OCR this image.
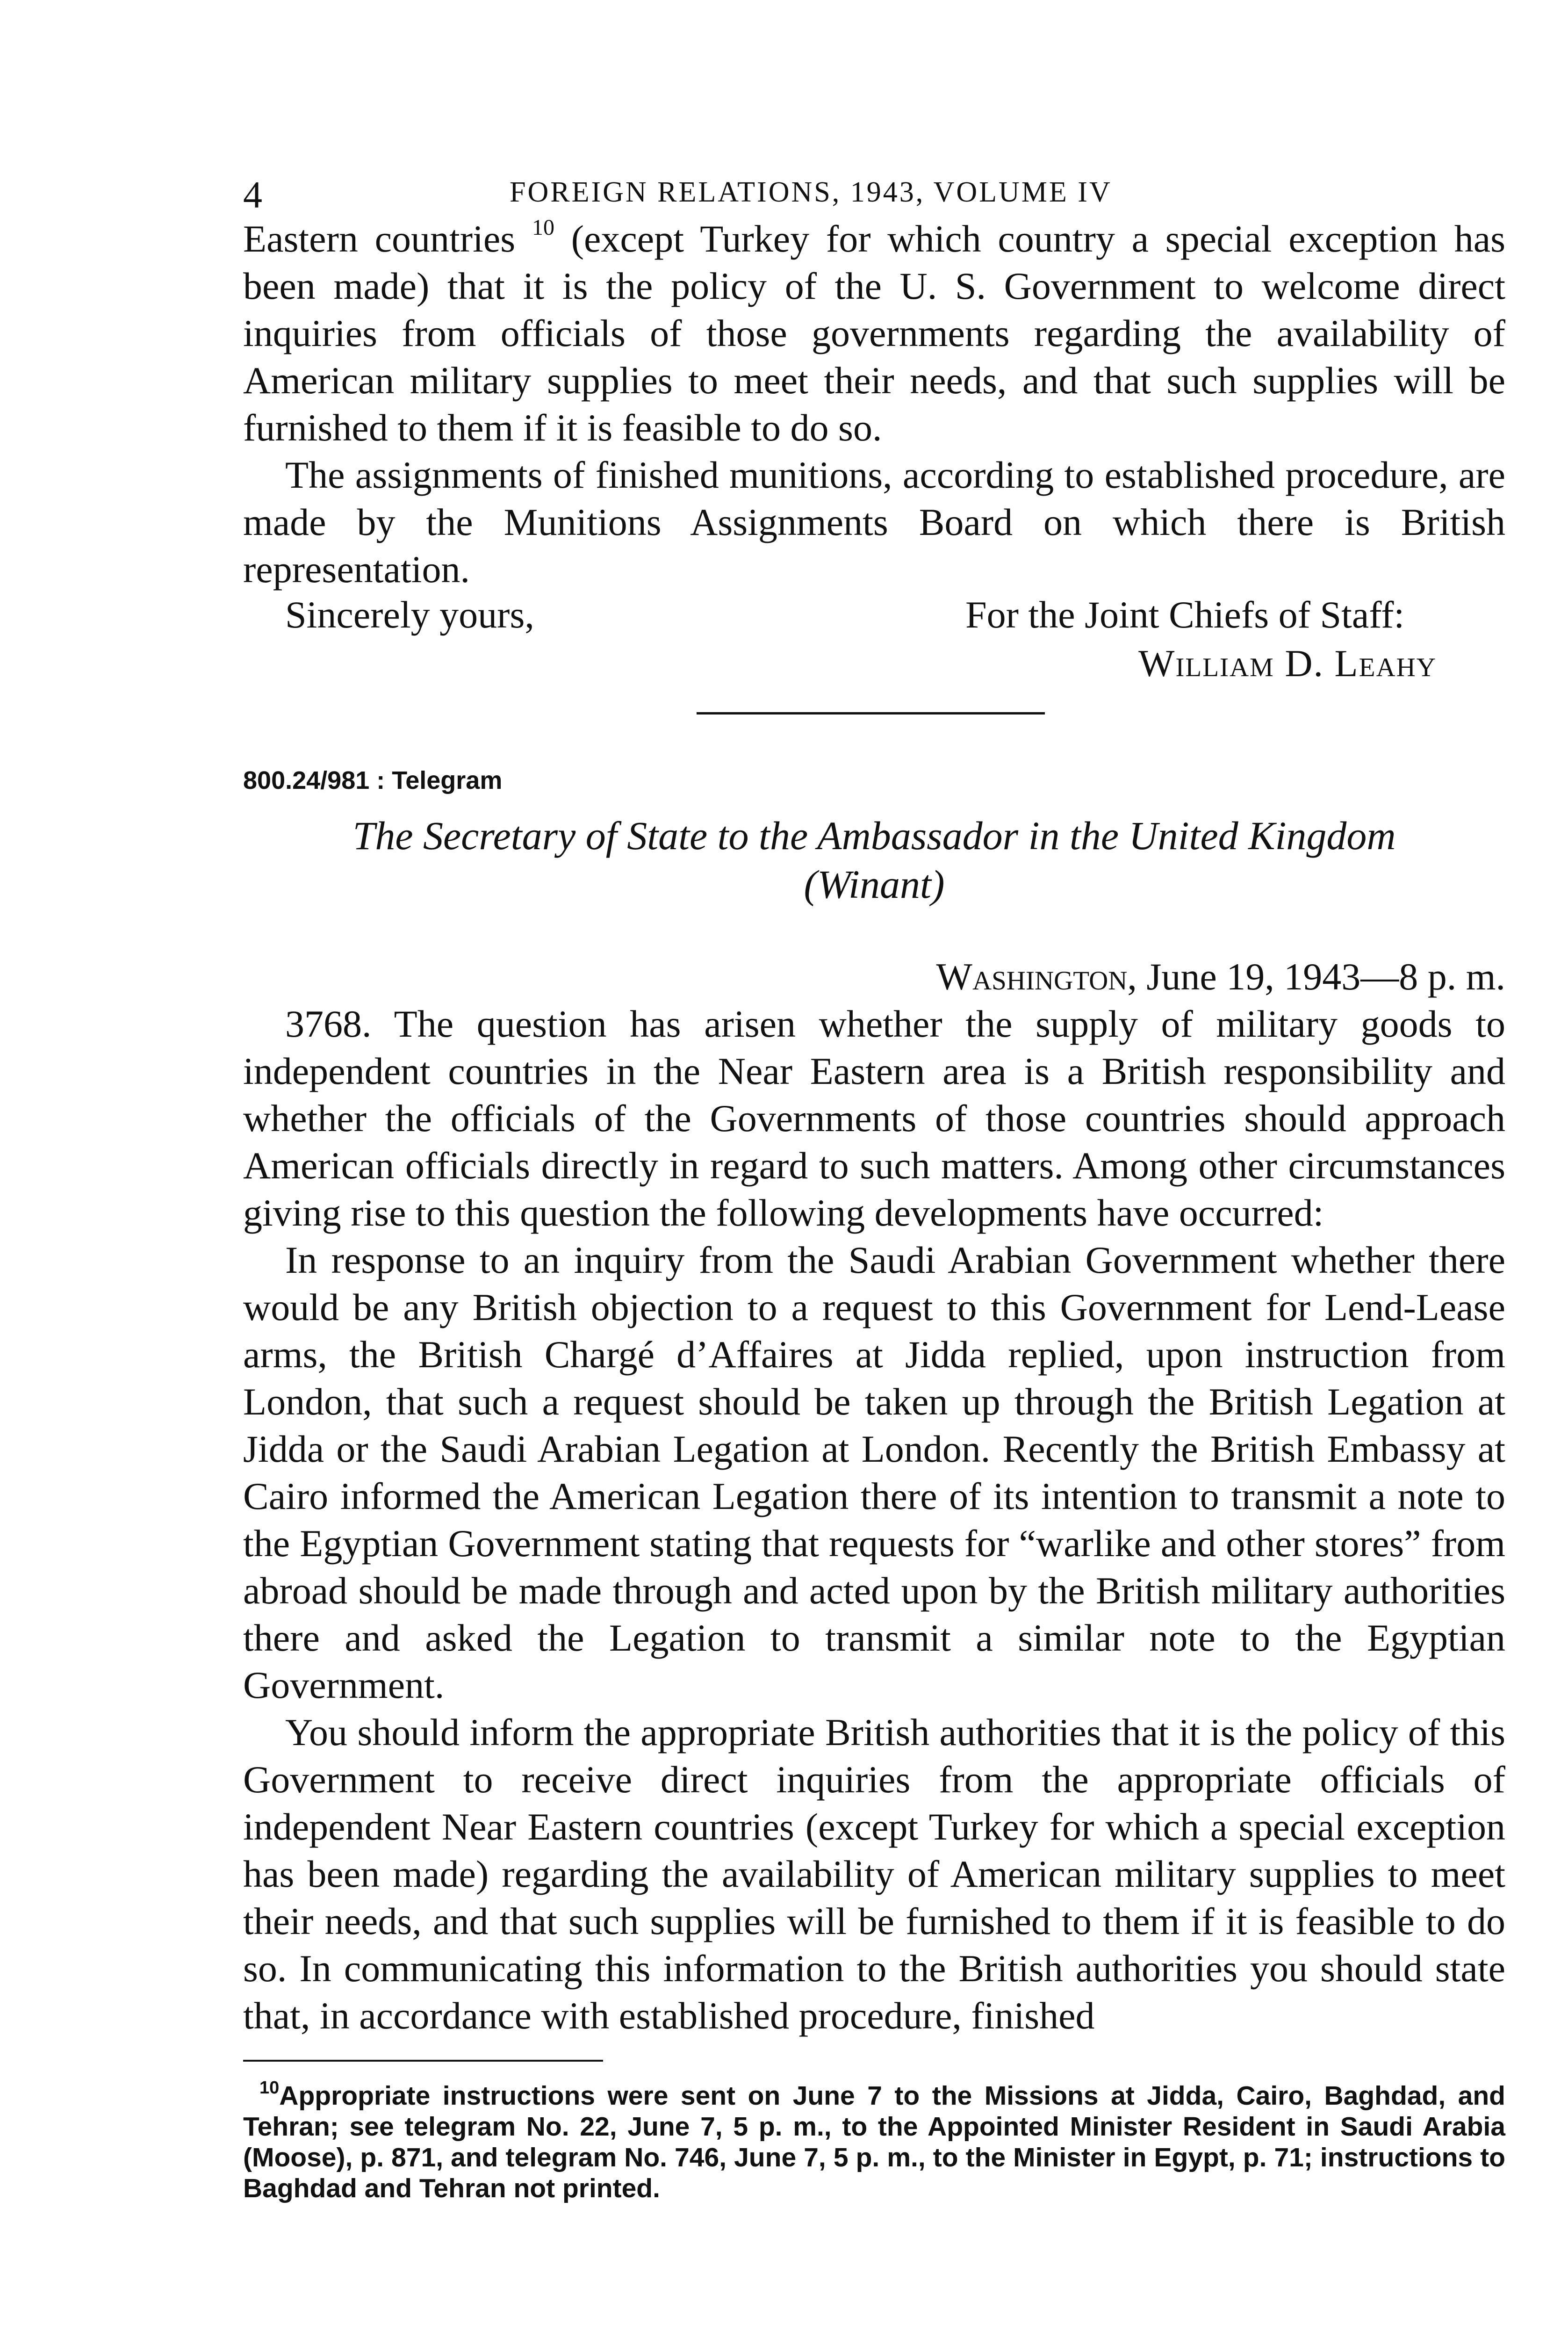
4	FOREIGN RELATIONS, 1943, VOLUME IV

Eastern countries $^{10}$ (except Turkey for which country a special exception has been made) that it is the policy of the U. S. Government to welcome direct inquiries from officials of those governments regarding the availability of American military supplies to meet their needs, and that such supplies will be furnished to them if it is feasible to do so.

The assignments of finished munitions, according to established procedure, are made by the Munitions Assignments Board on which there is British representation.

Sincerely yours,	For the Joint Chiefs of Staff:
William D. Leahy
800.24/981 : Telegram
The Secretary of State to the Ambassador in the United Kingdom
(Winant)
Washington, June 19, 1943—8 p. m.

3768. The question has arisen whether the supply of military goods to independent countries in the Near Eastern area is a British responsibility and whether the officials of the Governments of those countries should approach American officials directly in regard to such matters. Among other circumstances giving rise to this question the following developments have occurred:

In response to an inquiry from the Saudi Arabian Government whether there would be any British objection to a request to this Government for Lend-Lease arms, the British Chargé d’Affaires at Jidda replied, upon instruction from London, that such a request should be taken up through the British Legation at Jidda or the Saudi Arabian Legation at London. Recently the British Embassy at Cairo informed the American Legation there of its intention to transmit a note to the Egyptian Government stating that requests for “warlike and other stores” from abroad should be made through and acted upon by the British military authorities there and asked the Legation to transmit a similar note to the Egyptian Government.

You should inform the appropriate British authorities that it is the policy of this Government to receive direct inquiries from the appropriate officials of independent Near Eastern countries (except Turkey for which a special exception has been made) regarding the availability of American military supplies to meet their needs, and that such supplies will be furnished to them if it is feasible to do so. In communicating this information to the British authorities you should state that, in accordance with established procedure, finished

$^{10}$Appropriate instructions were sent on June 7 to the Missions at Jidda, Cairo, Baghdad, and Tehran; see telegram No. 22, June 7, 5 p. m., to the Appointed Minister Resident in Saudi Arabia (Moose), p. 871, and telegram No. 746, June 7, 5 p. m., to the Minister in Egypt, p. 71; instructions to Baghdad and Tehran not printed.
